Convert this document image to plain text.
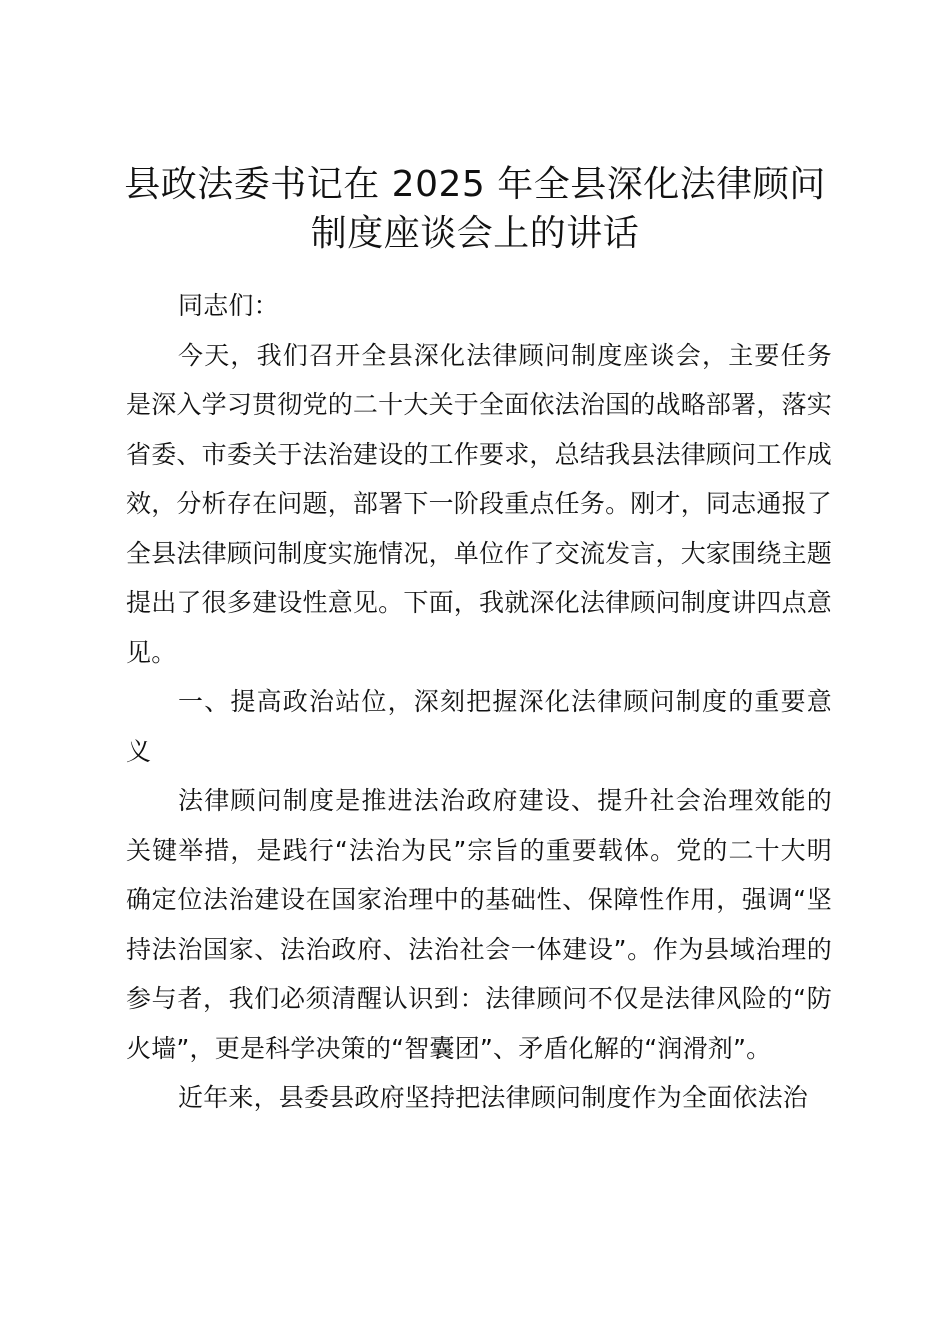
县政法委书记在 2025 年全县深化法律顾问制度座谈会上的讲话

同志们：

今天，我们召开全县深化法律顾问制度座谈会，主要任务是深入学习贯彻党的二十大关于全面依法治国的战略部署，落实省委、市委关于法治建设的工作要求，总结我县法律顾问工作成效，分析存在问题，部署下一阶段重点任务。刚才，同志通报了全县法律顾问制度实施情况，单位作了交流发言，大家围绕主题提出了很多建设性意见。下面，我就深化法律顾问制度讲四点意见。

一、提高政治站位，深刻把握深化法律顾问制度的重要意义

法律顾问制度是推进法治政府建设、提升社会治理效能的关键举措，是践行“法治为民”宗旨的重要载体。党的二十大明确定位法治建设在国家治理中的基础性、保障性作用，强调“坚持法治国家、法治政府、法治社会一体建设”。作为县域治理的参与者，我们必须清醒认识到：法律顾问不仅是法律风险的“防火墙”，更是科学决策的“智囊团”、矛盾化解的“润滑剂”。

近年来，县委县政府坚持把法律顾问制度作为全面依法治
